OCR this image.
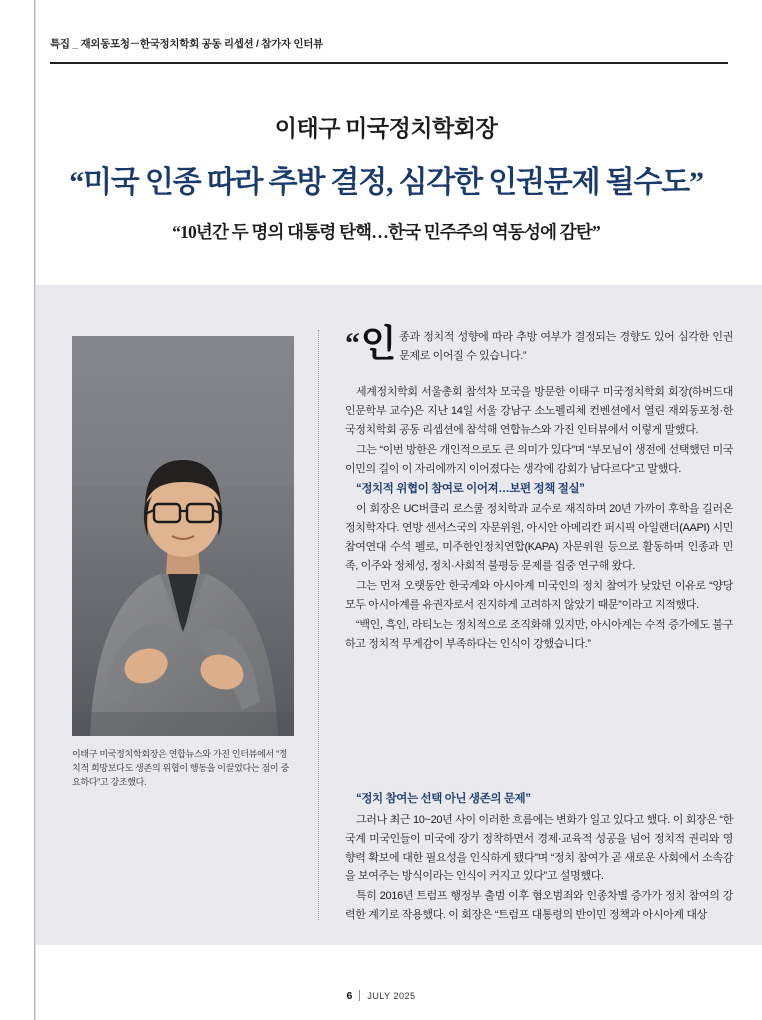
특집 _ 재외동포청－한국정치학회 공동 리셉션 / 참가자 인터뷰
이태구 미국정치학회장
“미국 인종 따라 추방 결정, 심각한 인권문제 될수도”
“10년간 두 명의 대통령 탄핵…한국 민주주의 역동성에 감탄”
이태구 미국정치학회장은 연합뉴스와 가진 인터뷰에서 “정치적 희망보다도 생존의 위협이 행동을 이끌었다는 점이 중요하다”고 강조했다.

“ 인 종과 정치적 성향에 따라 추방 여부가 결정되는 경향도 있어 심각한 인권 문제로 이어질 수 있습니다.”

세계정치학회 서울총회 참석차 모국을 방문한 이태구 미국정치학회 회장(하버드대 인문학부 교수)은 지난 14일 서울 강남구 소노펠리체 컨벤션에서 열린 재외동포청·한국정치학회 공동 리셉션에 참석해 연합뉴스와 가진 인터뷰에서 이렇게 말했다.

그는 “이번 방한은 개인적으로도 큰 의미가 있다”며 “부모님이 생전에 선택했던 미국 이민의 길이 이 자리에까지 이어졌다는 생각에 감회가 남다르다”고 말했다.

“정치적 위협이 참여로 이어져…보편 정책 절실”

이 회장은 UC버클리 로스쿨 정치학과 교수로 재직하며 20년 가까이 후학을 길러온 정치학자다. 연방 센서스국의 자문위원, 아시안 아메리칸 퍼시픽 아일랜더(AAPI) 시민참여연대 수석 펠로, 미주한인정치연합(KAPA) 자문위원 등으로 활동하며 인종과 민족, 이주와 정체성, 정치·사회적 불평등 문제를 집중 연구해 왔다.

그는 먼저 오랫동안 한국계와 아시아계 미국인의 정치 참여가 낮았던 이유로 “양당 모두 아시아계를 유권자로서 진지하게 고려하지 않았기 때문”이라고 지적했다.

“백인, 흑인, 라티노는 정치적으로 조직화해 있지만, 아시아계는 수적 증가에도 불구하고 정치적 무게감이 부족하다는 인식이 강했습니다.”

“정치 참여는 선택 아닌 생존의 문제”

그러나 최근 10~20년 사이 이러한 흐름에는 변화가 일고 있다고 했다. 이 회장은 “한국계 미국인들이 미국에 장기 정착하면서 경제·교육적 성공을 넘어 정치적 권리와 영향력 확보에 대한 필요성을 인식하게 됐다”며 “정치 참여가 곧 새로운 사회에서 소속감을 보여주는 방식이라는 인식이 커지고 있다”고 설명했다.

특히 2016년 트럼프 행정부 출범 이후 혐오범죄와 인종차별 증가가 정치 참여의 강력한 계기로 작용했다. 이 회장은 “트럼프 대통령의 반이민 정책과 아시아계 대상

6 JULY 2025
